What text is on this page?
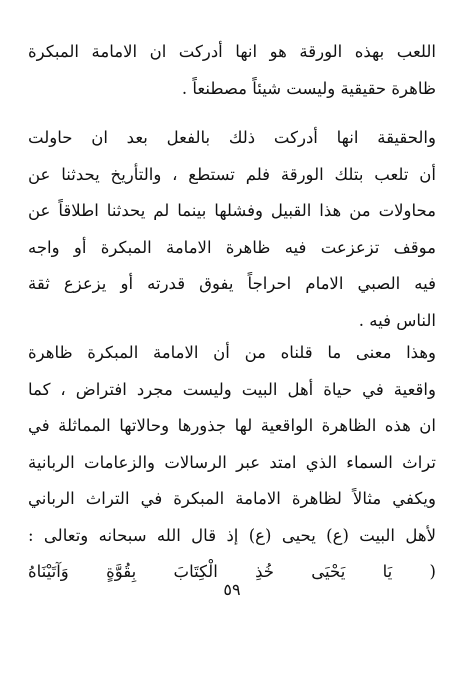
اللعب بهذه الورقة هو انها أدركت ان الامامة المبكرة
ظاهرة حقيقية وليست شيئاً مصطنعاً .
والحقيقة انها أدركت ذلك بالفعل بعد ان حاولت
أن تلعب بتلك الورقة فلم تستطع ، والتأريخ يحدثنا عن
محاولات من هذا القبيل وفشلها بينما لم يحدثنا اطلاقاً عن
موقف تزعزعت فيه ظاهرة الامامة المبكرة أو واجه
فيه الصبي الامام احراجاً يفوق قدرته أو يزعزع ثقة
الناس فيه .
وهذا معنى ما قلناه من أن الامامة المبكرة ظاهرة
واقعية في حياة أهل البيت وليست مجرد افتراض ، كما
ان هذه الظاهرة الواقعية لها جذورها وحالاتها المماثلة في
تراث السماء الذي امتد عبر الرسالات والزعامات الربانية
ويكفي مثالاً لظاهرة الامامة المبكرة في التراث الرباني
لأهل البيت (ع) يحيى (ع) إذ قال الله سبحانه وتعالى :
( يَا يَحْيَى خُذِ الْكِتَابَ بِقُوَّةٍ وَآتَيْنَاهُ
٥٩
